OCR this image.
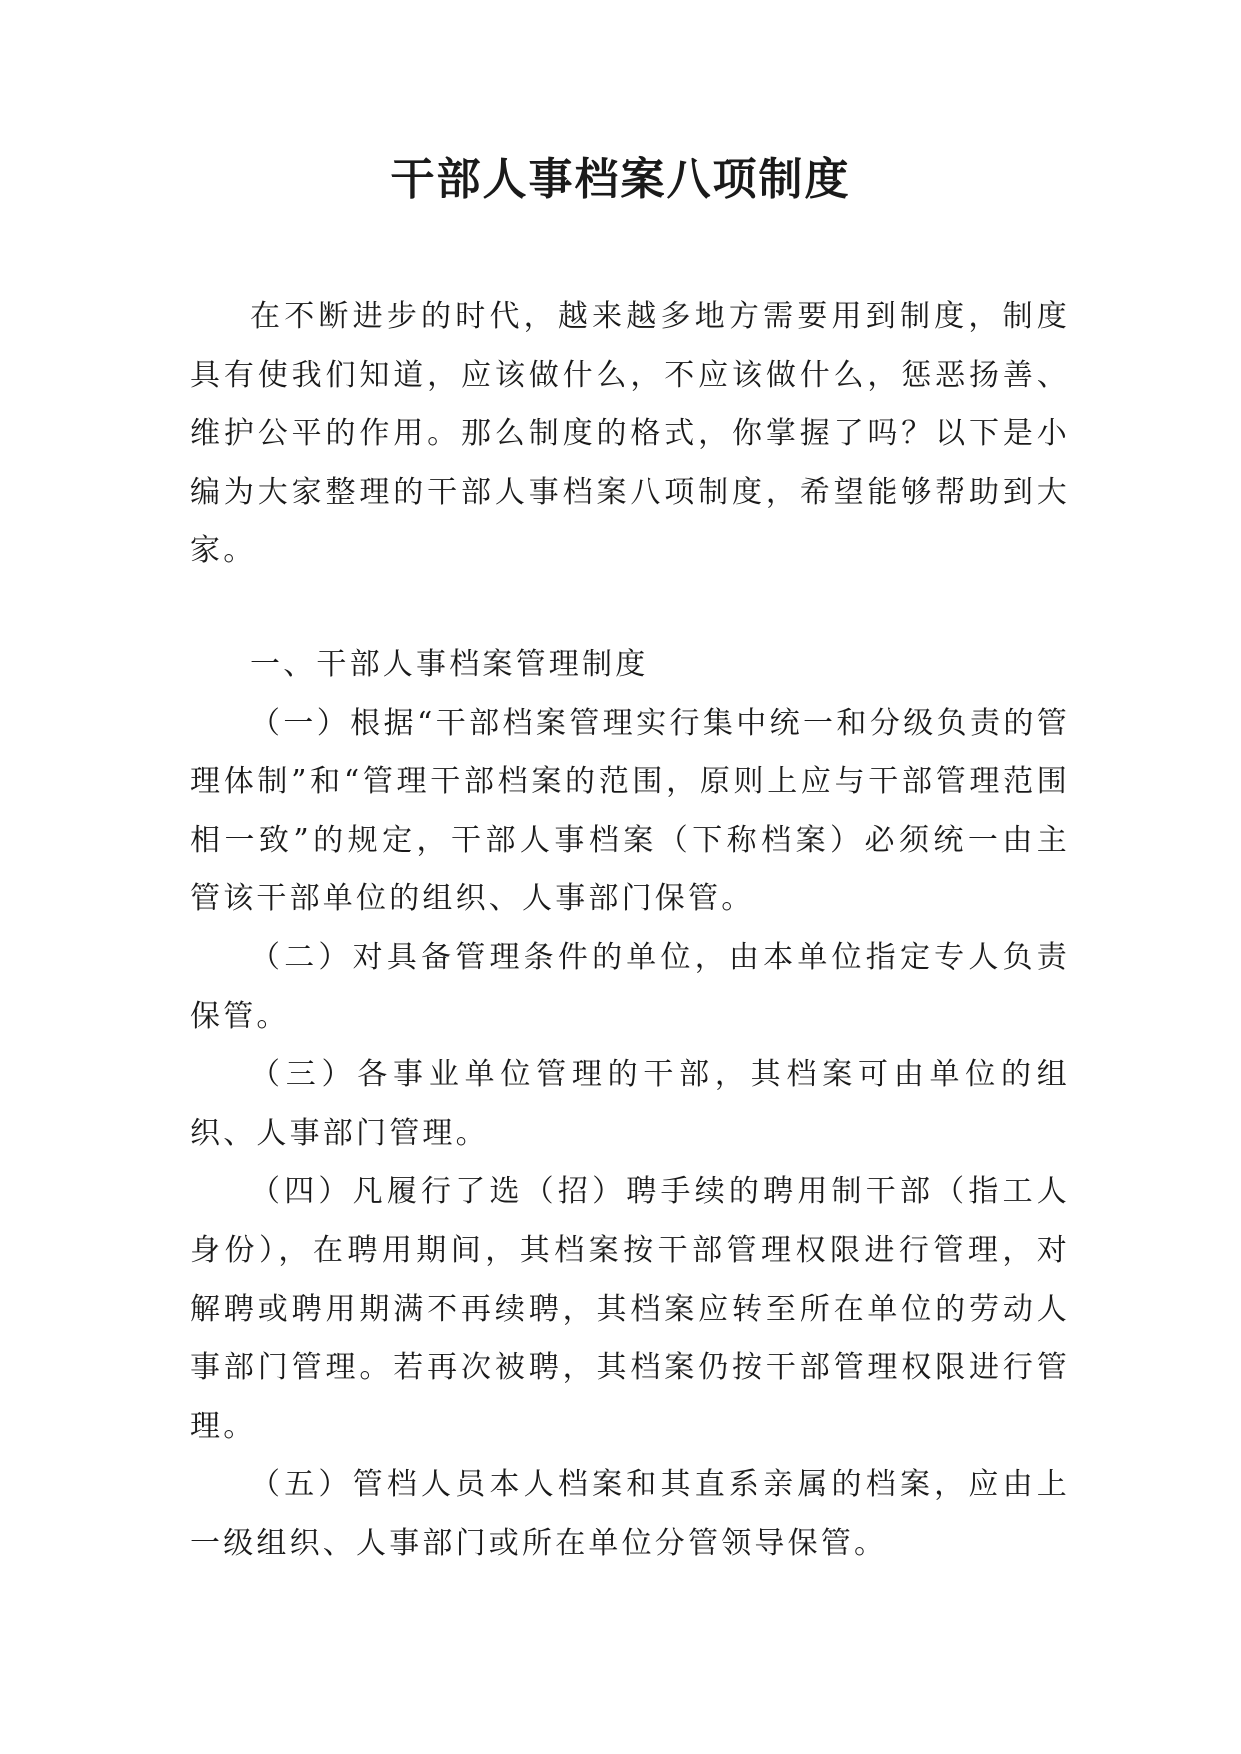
干部人事档案八项制度

在不断进步的时代，越来越多地方需要用到制度，制度具有使我们知道，应该做什么，不应该做什么，惩恶扬善、维护公平的作用。那么制度的格式，你掌握了吗？以下是小编为大家整理的干部人事档案八项制度，希望能够帮助到大家。

一、干部人事档案管理制度

（一）根据“干部档案管理实行集中统一和分级负责的管理体制”和“管理干部档案的范围，原则上应与干部管理范围相一致”的规定，干部人事档案（下称档案）必须统一由主管该干部单位的组织、人事部门保管。

（二）对具备管理条件的单位，由本单位指定专人负责保管。

（三）各事业单位管理的干部，其档案可由单位的组织、人事部门管理。

（四）凡履行了选（招）聘手续的聘用制干部（指工人身份），在聘用期间，其档案按干部管理权限进行管理，对解聘或聘用期满不再续聘，其档案应转至所在单位的劳动人事部门管理。若再次被聘，其档案仍按干部管理权限进行管理。

（五）管档人员本人档案和其直系亲属的档案，应由上一级组织、人事部门或所在单位分管领导保管。
